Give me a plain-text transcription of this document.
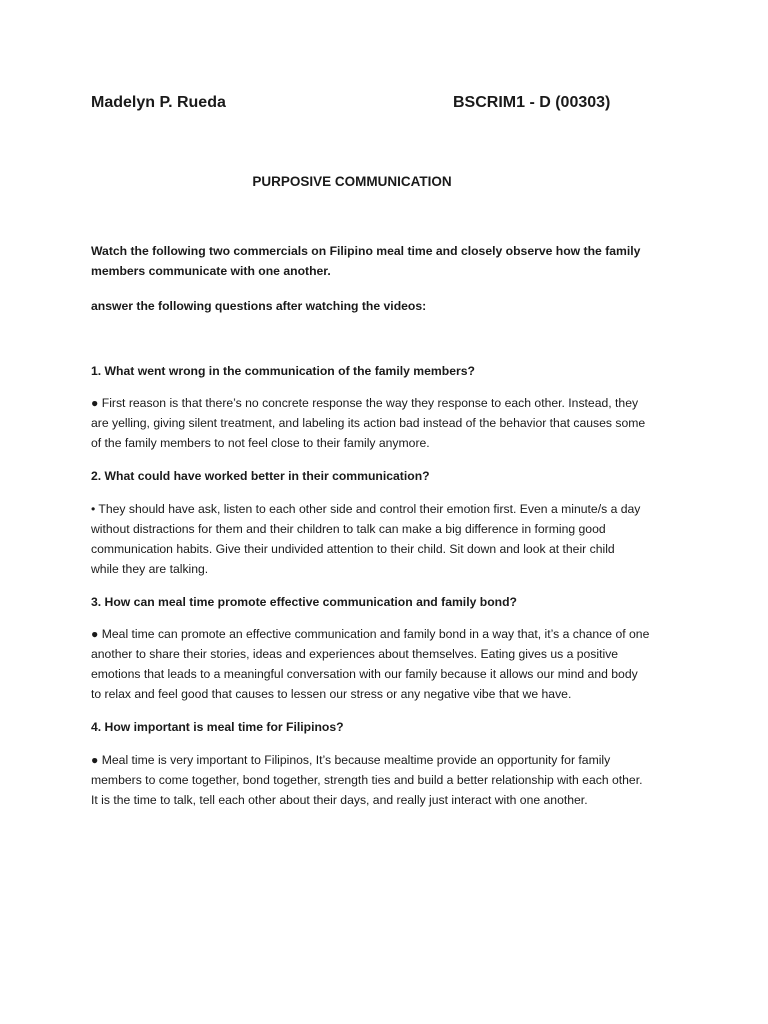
Madelyn P. Rueda	BSCRIM1 - D (00303)
PURPOSIVE COMMUNICATION

Watch the following two commercials on Filipino meal time and closely observe how the family

members communicate with one another.

answer the following questions after watching the videos:

1. What went wrong in the communication of the family members?

● First reason is that there’s no concrete response the way they response to each other. Instead, they

are yelling, giving silent treatment, and labeling its action bad instead of the behavior that causes some

of the family members to not feel close to their family anymore.

2. What could have worked better in their communication?

• They should have ask, listen to each other side and control their emotion first. Even a minute/s a day

without distractions for them and their children to talk can make a big difference in forming good

communication habits. Give their undivided attention to their child. Sit down and look at their child

while they are talking.

3. How can meal time promote effective communication and family bond?

● Meal time can promote an effective communication and family bond in a way that, it’s a chance of one

another to share their stories, ideas and experiences about themselves. Eating gives us a positive

emotions that leads to a meaningful conversation with our family because it allows our mind and body

to relax and feel good that causes to lessen our stress or any negative vibe that we have.

4. How important is meal time for Filipinos?

● Meal time is very important to Filipinos, It’s because mealtime provide an opportunity for family

members to come together, bond together, strength ties and build a better relationship with each other.

It is the time to talk, tell each other about their days, and really just interact with one another.
